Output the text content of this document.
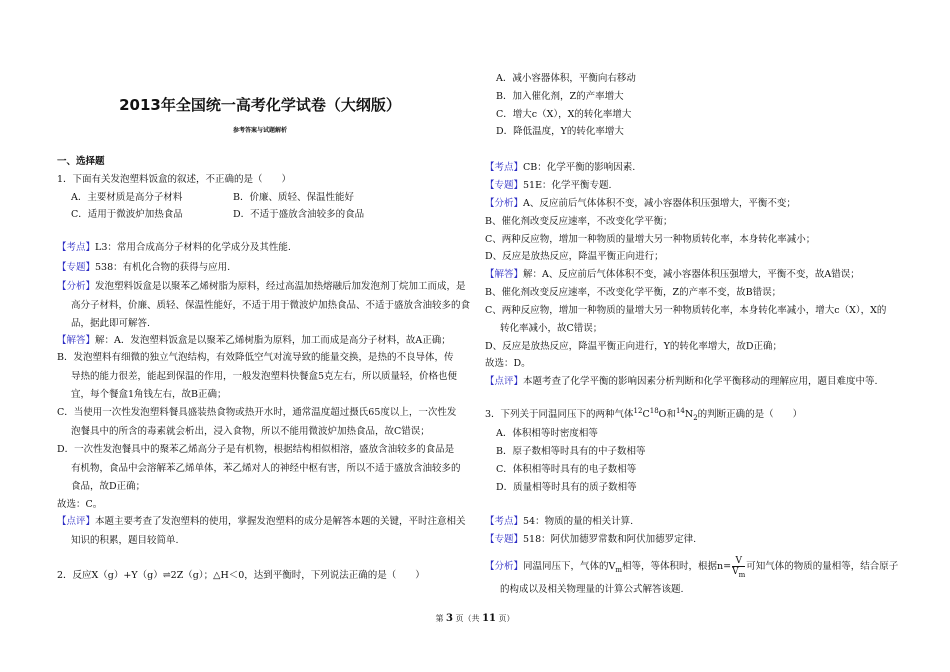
2013年全国统一高考化学试卷（大纲版）
参考答案与试题解析
一、选择题
1．下面有关发泡塑料饭盒的叙述，不正确的是（　　）
A．主要材质是高分子材料	B．价廉、质轻、保温性能好
C．适用于微波炉加热食品	D．不适于盛放含油较多的食品
【考点】L3：常用合成高分子材料的化学成分及其性能.
【专题】538：有机化合物的获得与应用.
【分析】发泡塑料饭盒是以聚苯乙烯树脂为原料，经过高温加热熔融后加发泡剂丁烷加工而成，是
高分子材料，价廉、质轻、保温性能好，不适于用于微波炉加热食品、不适于盛放含油较多的食
品，据此即可解答.
【解答】解：A．发泡塑料饭盒是以聚苯乙烯树脂为原料，加工而成是高分子材料，故A正确；
B．发泡塑料有细微的独立气泡结构，有效降低空气对流导致的能量交换，是热的不良导体，传
导热的能力很差，能起到保温的作用，一般发泡塑料快餐盒5克左右，所以质量轻，价格也便
宜，每个餐盒1角钱左右，故B正确；
C．当使用一次性发泡塑料餐具盛装热食物或热开水时，通常温度超过摄氏65度以上，一次性发
泡餐具中的所含的毒素就会析出，浸入食物，所以不能用微波炉加热食品，故C错误；
D．一次性发泡餐具中的聚苯乙烯高分子是有机物，根据结构相似相溶，盛放含油较多的食品是
有机物，食品中会溶解苯乙烯单体，苯乙烯对人的神经中枢有害，所以不适于盛放含油较多的
食品，故D正确；
故选：C。
【点评】本题主要考查了发泡塑料的使用，掌握发泡塑料的成分是解答本题的关键，平时注意相关
知识的积累，题目较简单.
2．反应X（g）+Y（g）⇌2Z（g）；△H＜0，达到平衡时，下列说法正确的是（　　）
A．减小容器体积，平衡向右移动
B．加入催化剂，Z的产率增大
C．增大c（X），X的转化率增大
D．降低温度，Y的转化率增大
【考点】CB：化学平衡的影响因素.
【专题】51E：化学平衡专题.
【分析】A、反应前后气体体积不变，减小容器体积压强增大，平衡不变；
B、催化剂改变反应速率，不改变化学平衡；
C、两种反应物，增加一种物质的量增大另一种物质转化率，本身转化率减小；
D、反应是放热反应，降温平衡正向进行；
【解答】解：A、反应前后气体体积不变，减小容器体积压强增大，平衡不变，故A错误；
B、催化剂改变反应速率，不改变化学平衡，Z的产率不变，故B错误；
C、两种反应物，增加一种物质的量增大另一种物质转化率，本身转化率减小，增大c（X），X的
转化率减小，故C错误；
D、反应是放热反应，降温平衡正向进行，Y的转化率增大，故D正确；
故选：D。
【点评】本题考查了化学平衡的影响因素分析判断和化学平衡移动的理解应用，题目难度中等.
3．下列关于同温同压下的两种气体$^{12}C^{18}O$和$^{14}N_2$的判断正确的是（　　）
A．体积相等时密度相等
B．原子数相等时具有的中子数相等
C．体积相等时具有的电子数相等
D．质量相等时具有的质子数相等
【考点】54：物质的量的相关计算.
【专题】518：阿伏加德罗常数和阿伏加德罗定律.
【分析】同温同压下，气体的$V_m$相等，等体积时，根据$n= \frac{V}{V_m}$ 可知气体的物质的量相等，结合原子
的构成以及相关物理量的计算公式解答该题.
第 3 页（共 11 页）
